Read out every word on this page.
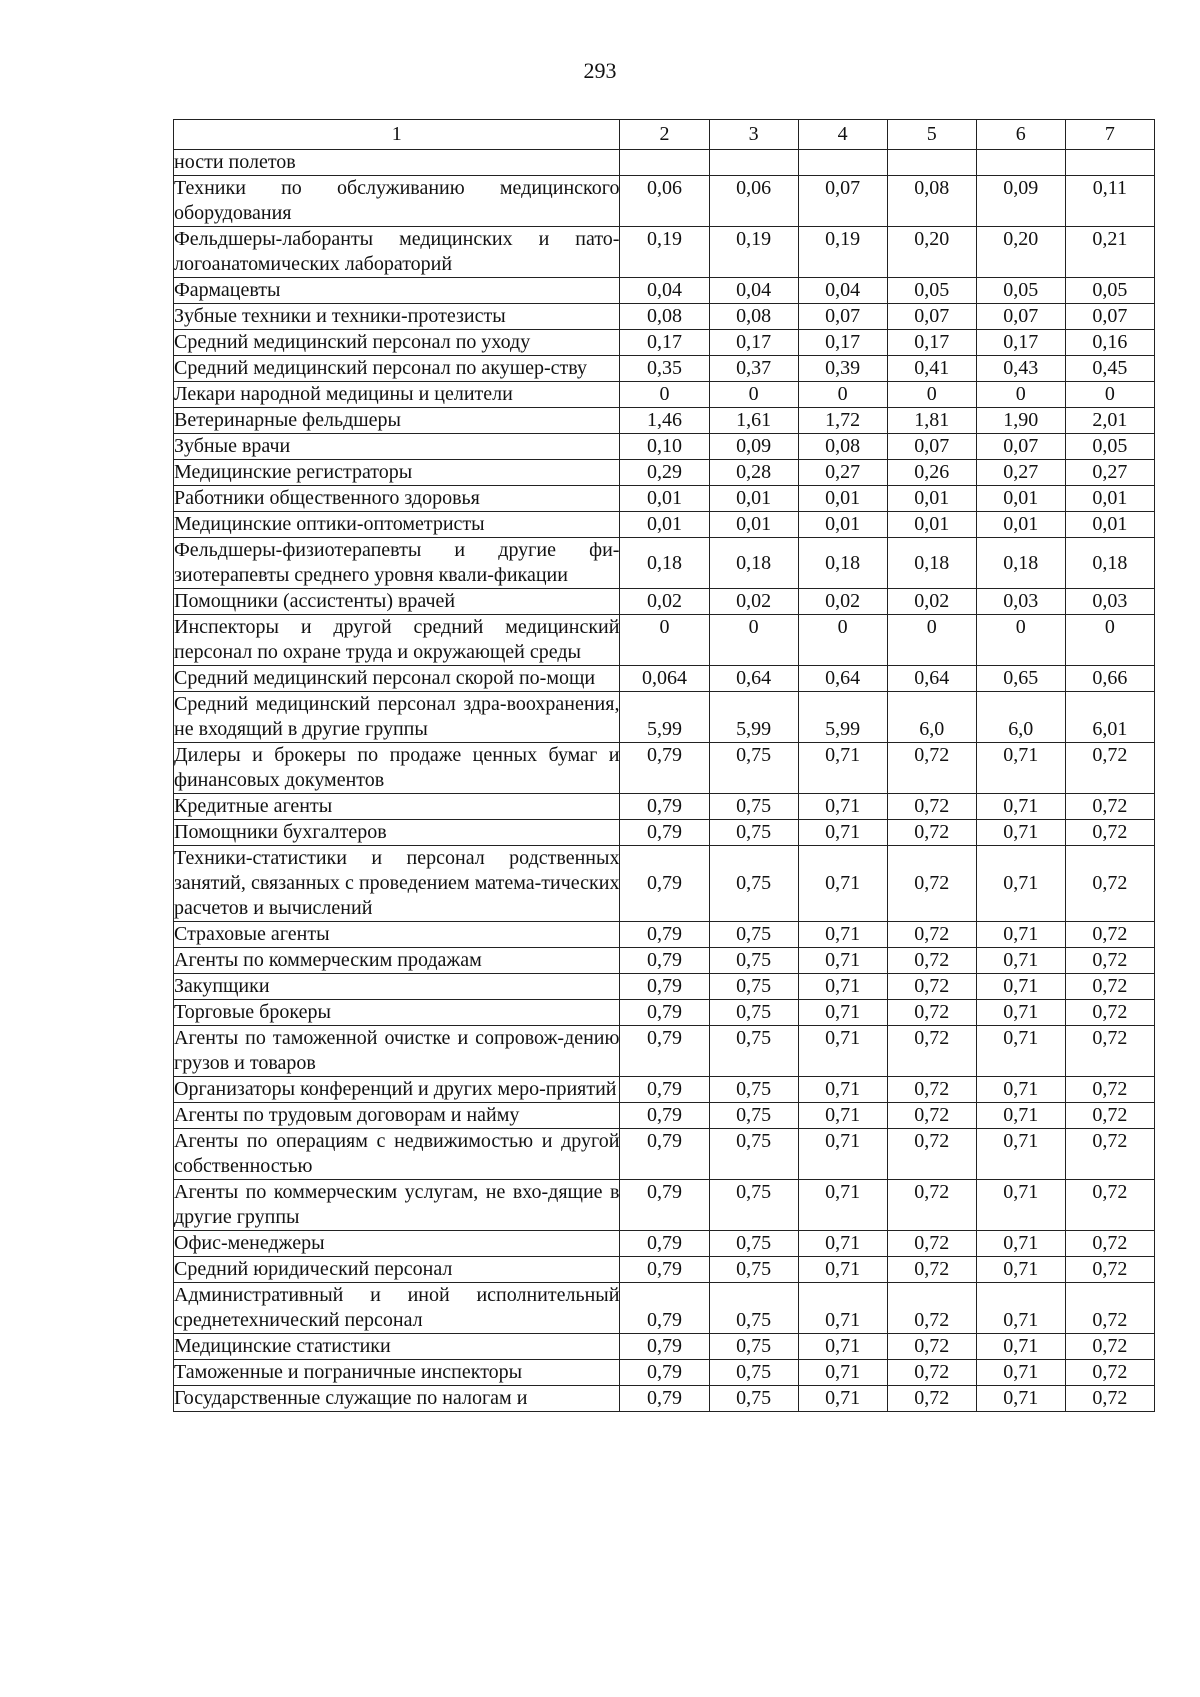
293
1	2	3	4	5	6	7
ности полетов						
Техники по обслуживанию медицинского оборудования	0,06	0,06	0,07	0,08	0,09	0,11
Фельдшеры-лаборанты медицинских и пато-логоанатомических лабораторий	0,19	0,19	0,19	0,20	0,20	0,21
Фармацевты	0,04	0,04	0,04	0,05	0,05	0,05
Зубные техники и техники-протезисты	0,08	0,08	0,07	0,07	0,07	0,07
Средний медицинский персонал по уходу	0,17	0,17	0,17	0,17	0,17	0,16
Средний медицинский персонал по акушер-ству	0,35	0,37	0,39	0,41	0,43	0,45
Лекари народной медицины и целители	0	0	0	0	0	0
Ветеринарные фельдшеры	1,46	1,61	1,72	1,81	1,90	2,01
Зубные врачи	0,10	0,09	0,08	0,07	0,07	0,05
Медицинские регистраторы	0,29	0,28	0,27	0,26	0,27	0,27
Работники общественного здоровья	0,01	0,01	0,01	0,01	0,01	0,01
Медицинские оптики-оптометристы	0,01	0,01	0,01	0,01	0,01	0,01
Фельдшеры-физиотерапевты и другие фи-зиотерапевты среднего уровня квали-фикации	0,18	0,18	0,18	0,18	0,18	0,18
Помощники (ассистенты) врачей	0,02	0,02	0,02	0,02	0,03	0,03
Инспекторы и другой средний медицинский персонал по охране труда и окружающей среды	0	0	0	0	0	0
Средний медицинский персонал скорой по-мощи	0,064	0,64	0,64	0,64	0,65	0,66
Средний медицинский персонал здра-воохранения, не входящий в другие группы	5,99	5,99	5,99	6,0	6,0	6,01
Дилеры и брокеры по продаже ценных бумаг и финансовых документов	0,79	0,75	0,71	0,72	0,71	0,72
Кредитные агенты	0,79	0,75	0,71	0,72	0,71	0,72
Помощники бухгалтеров	0,79	0,75	0,71	0,72	0,71	0,72
Техники-статистики и персонал родственных занятий, связанных с проведением матема-тических расчетов и вычислений	0,79	0,75	0,71	0,72	0,71	0,72
Страховые агенты	0,79	0,75	0,71	0,72	0,71	0,72
Агенты по коммерческим продажам	0,79	0,75	0,71	0,72	0,71	0,72
Закупщики	0,79	0,75	0,71	0,72	0,71	0,72
Торговые брокеры	0,79	0,75	0,71	0,72	0,71	0,72
Агенты по таможенной очистке и сопровож-дению грузов и товаров	0,79	0,75	0,71	0,72	0,71	0,72
Организаторы конференций и других меро-приятий	0,79	0,75	0,71	0,72	0,71	0,72
Агенты по трудовым договорам и найму	0,79	0,75	0,71	0,72	0,71	0,72
Агенты по операциям с недвижимостью и другой собственностью	0,79	0,75	0,71	0,72	0,71	0,72
Агенты по коммерческим услугам, не вхо-дящие в другие группы	0,79	0,75	0,71	0,72	0,71	0,72
Офис-менеджеры	0,79	0,75	0,71	0,72	0,71	0,72
Средний юридический персонал	0,79	0,75	0,71	0,72	0,71	0,72
Административный и иной исполнительный среднетехнический персонал	0,79	0,75	0,71	0,72	0,71	0,72
Медицинские статистики	0,79	0,75	0,71	0,72	0,71	0,72
Таможенные и пограничные инспекторы	0,79	0,75	0,71	0,72	0,71	0,72
Государственные служащие по налогам и	0,79	0,75	0,71	0,72	0,71	0,72
